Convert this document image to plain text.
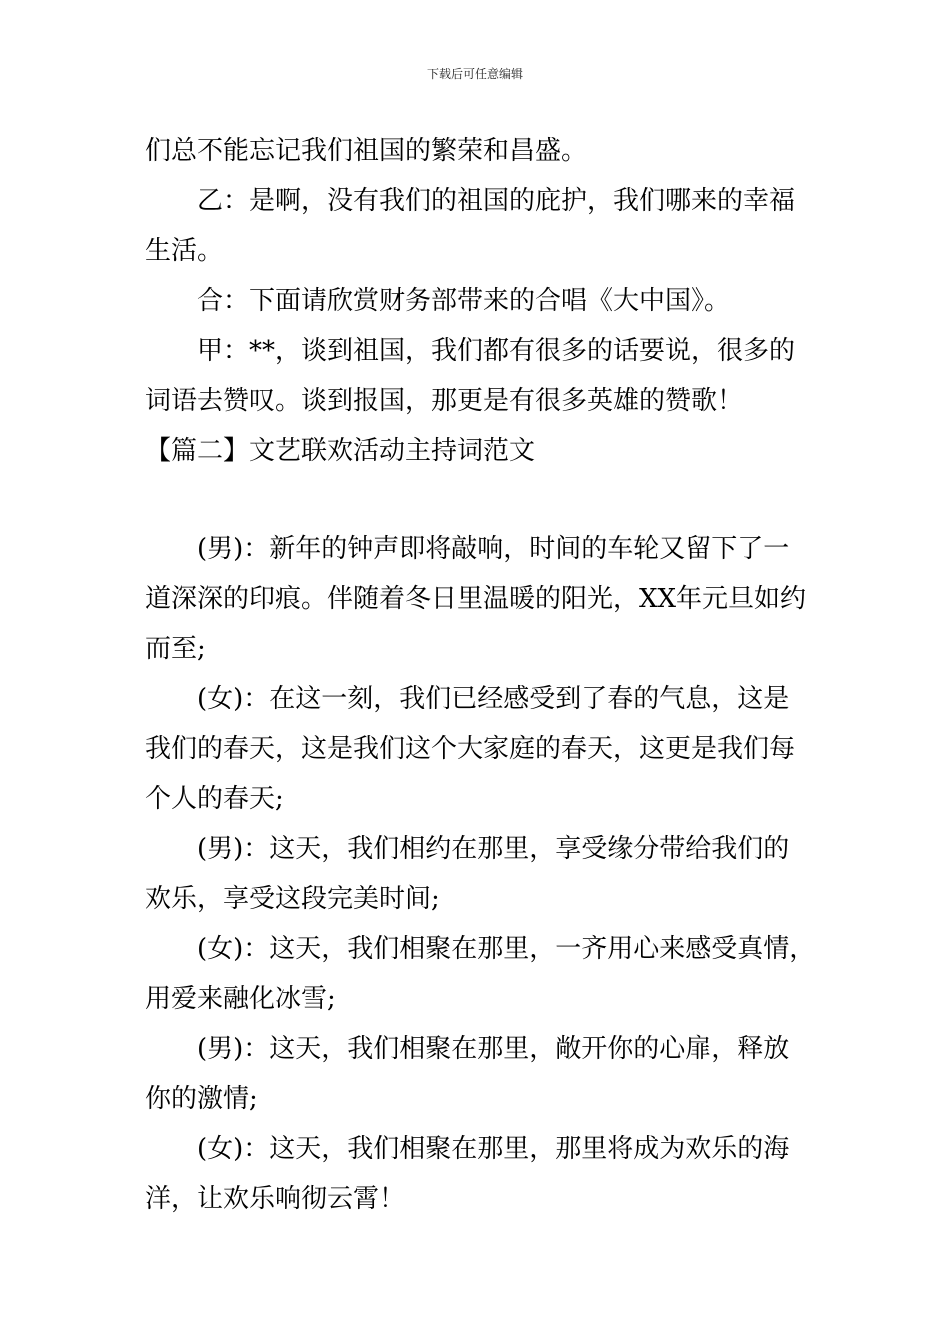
下载后可任意编辑
们总不能忘记我们祖国的繁荣和昌盛。
乙：是啊，没有我们的祖国的庇护，我们哪来的幸福
生活。
合：下面请欣赏财务部带来的合唱《大中国》。
甲：**，谈到祖国，我们都有很多的话要说，很多的
词语去赞叹。谈到报国，那更是有很多英雄的赞歌！
【篇二】文艺联欢活动主持词范文
(男)：新年的钟声即将敲响，时间的车轮又留下了一
道深深的印痕。伴随着冬日里温暖的阳光，XX年元旦如约
而至;
(女)：在这一刻，我们已经感受到了春的气息，这是
我们的春天，这是我们这个大家庭的春天，这更是我们每
个人的春天;
(男)：这天，我们相约在那里，享受缘分带给我们的
欢乐，享受这段完美时间;
(女)：这天，我们相聚在那里，一齐用心来感受真情，
用爱来融化冰雪;
(男)：这天，我们相聚在那里，敞开你的心扉，释放
你的激情;
(女)：这天，我们相聚在那里，那里将成为欢乐的海
洋，让欢乐响彻云霄！
